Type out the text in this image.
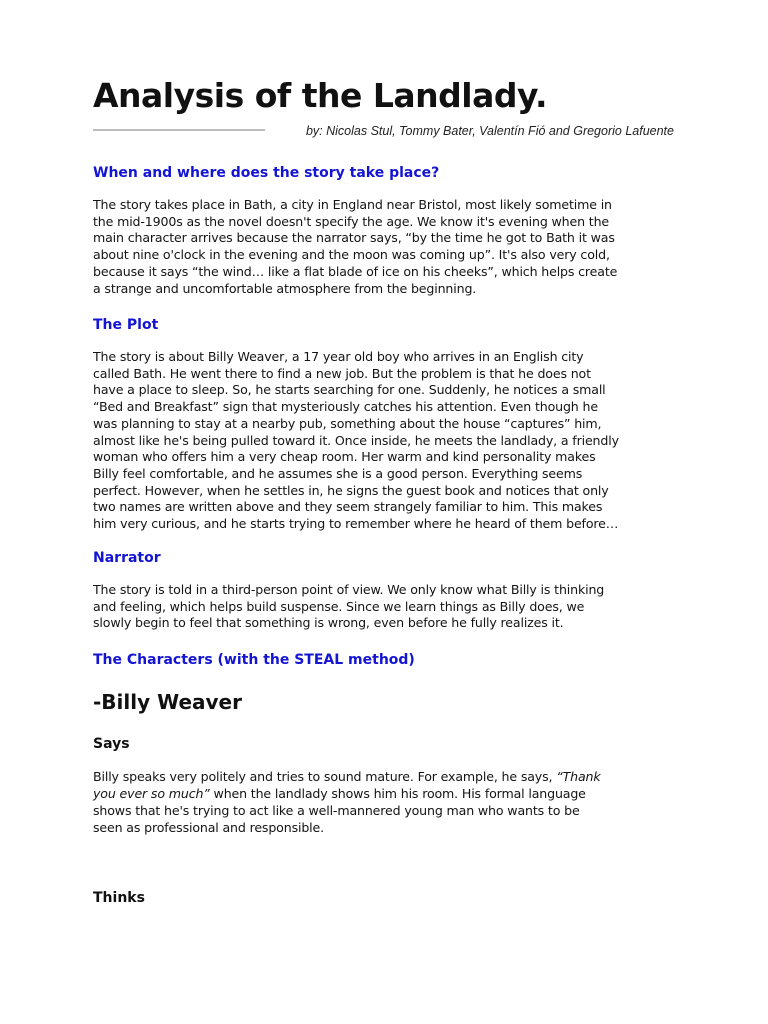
Analysis of the Landlady.
by: Nicolas Stul, Tommy Bater, Valentín Fió and Gregorio Lafuente
When and where does the story take place?
The story takes place in Bath, a city in England near Bristol, most likely sometime in
the mid-1900s as the novel doesn't specify the age. We know it's evening when the
main character arrives because the narrator says, “by the time he got to Bath it was
about nine o'clock in the evening and the moon was coming up”. It's also very cold,
because it says “the wind… like a flat blade of ice on his cheeks”, which helps create
a strange and uncomfortable atmosphere from the beginning.
The Plot
The story is about Billy Weaver, a 17 year old boy who arrives in an English city
called Bath. He went there to find a new job. But the problem is that he does not
have a place to sleep. So, he starts searching for one. Suddenly, he notices a small
“Bed and Breakfast” sign that mysteriously catches his attention. Even though he
was planning to stay at a nearby pub, something about the house “captures” him,
almost like he's being pulled toward it. Once inside, he meets the landlady, a friendly
woman who offers him a very cheap room. Her warm and kind personality makes
Billy feel comfortable, and he assumes she is a good person. Everything seems
perfect. However, when he settles in, he signs the guest book and notices that only
two names are written above and they seem strangely familiar to him. This makes
him very curious, and he starts trying to remember where he heard of them before…
Narrator
The story is told in a third-person point of view. We only know what Billy is thinking
and feeling, which helps build suspense. Since we learn things as Billy does, we
slowly begin to feel that something is wrong, even before he fully realizes it.
The Characters (with the STEAL method)
-Billy Weaver
Says
Billy speaks very politely and tries to sound mature. For example, he says, “Thank
you ever so much” when the landlady shows him his room. His formal language
shows that he's trying to act like a well-mannered young man who wants to be
seen as professional and responsible.
Thinks
